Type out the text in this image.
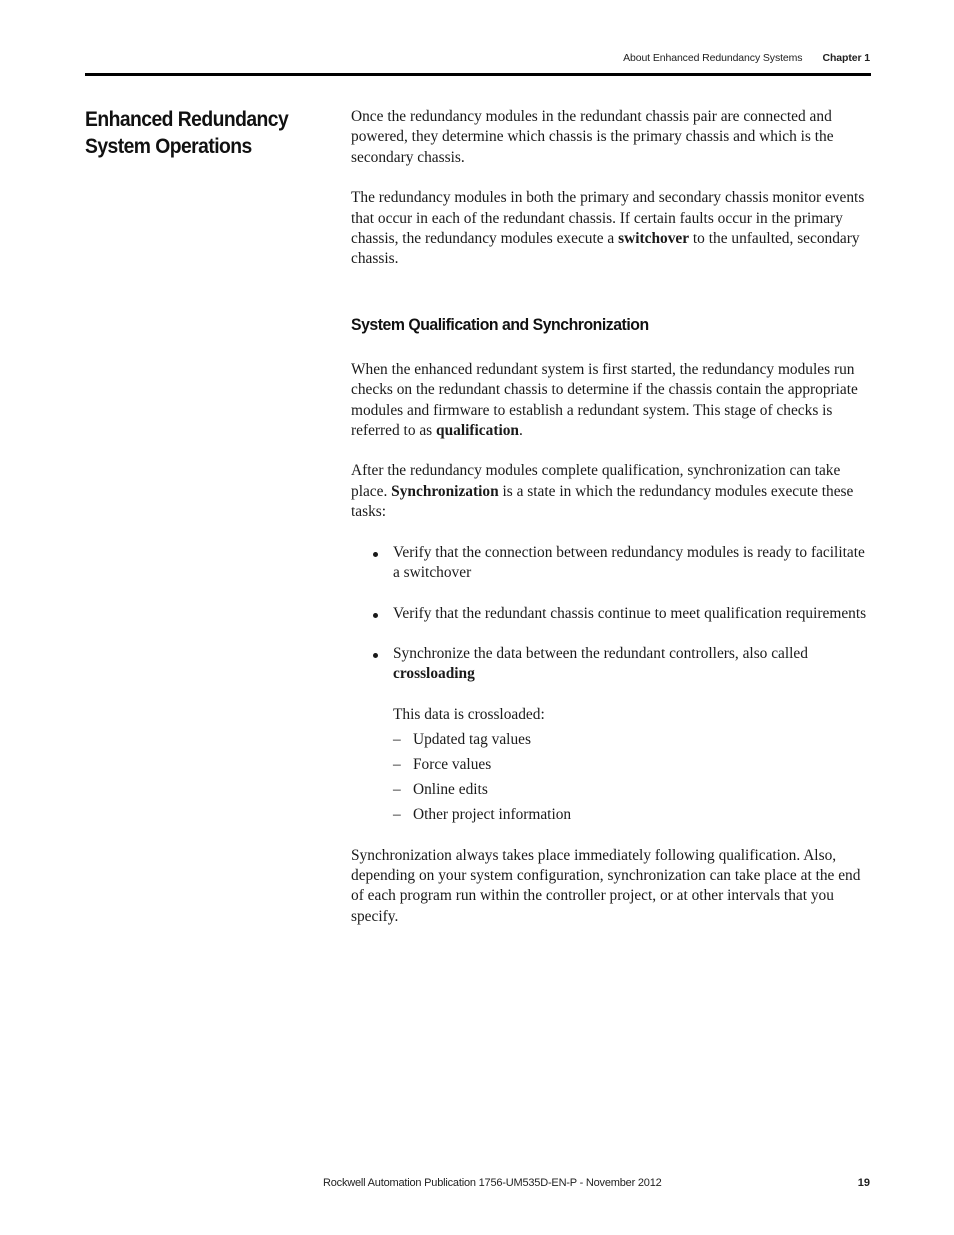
About Enhanced Redundancy Systems Chapter 1
Enhanced Redundancy System Operations

Once the redundancy modules in the redundant chassis pair are connected and powered, they determine which chassis is the primary chassis and which is the secondary chassis.

The redundancy modules in both the primary and secondary chassis monitor events that occur in each of the redundant chassis. If certain faults occur in the primary chassis, the redundancy modules execute a switchover to the unfaulted, secondary chassis.

System Qualification and Synchronization

When the enhanced redundant system is first started, the redundancy modules run checks on the redundant chassis to determine if the chassis contain the appropriate modules and firmware to establish a redundant system. This stage of checks is referred to as qualification.

After the redundancy modules complete qualification, synchronization can take place. Synchronization is a state in which the redundancy modules execute these tasks:

Verify that the connection between redundancy modules is ready to facilitate a switchover
Verify that the redundant chassis continue to meet qualification requirements
Synchronize the data between the redundant controllers, also called crossloading

This data is crossloaded:

– Updated tag values
– Force values
– Online edits
– Other project information

Synchronization always takes place immediately following qualification. Also, depending on your system configuration, synchronization can take place at the end of each program run within the controller project, or at other intervals that you specify.

Rockwell Automation Publication 1756-UM535D-EN-P - November 2012	19
